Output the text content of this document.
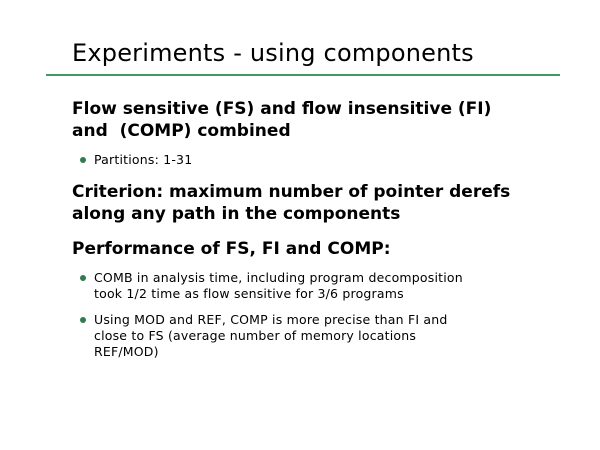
Experiments - using components
Flow sensitive (FS) and flow insensitive (FI)
and  (COMP) combined
Partitions: 1-31
Criterion: maximum number of pointer derefs
along any path in the components
Performance of FS, FI and COMP:
COMB in analysis time, including program decomposition
took 1/2 time as flow sensitive for 3/6 programs
Using MOD and REF, COMP is more precise than FI and
close to FS (average number of memory locations
REF/MOD)
